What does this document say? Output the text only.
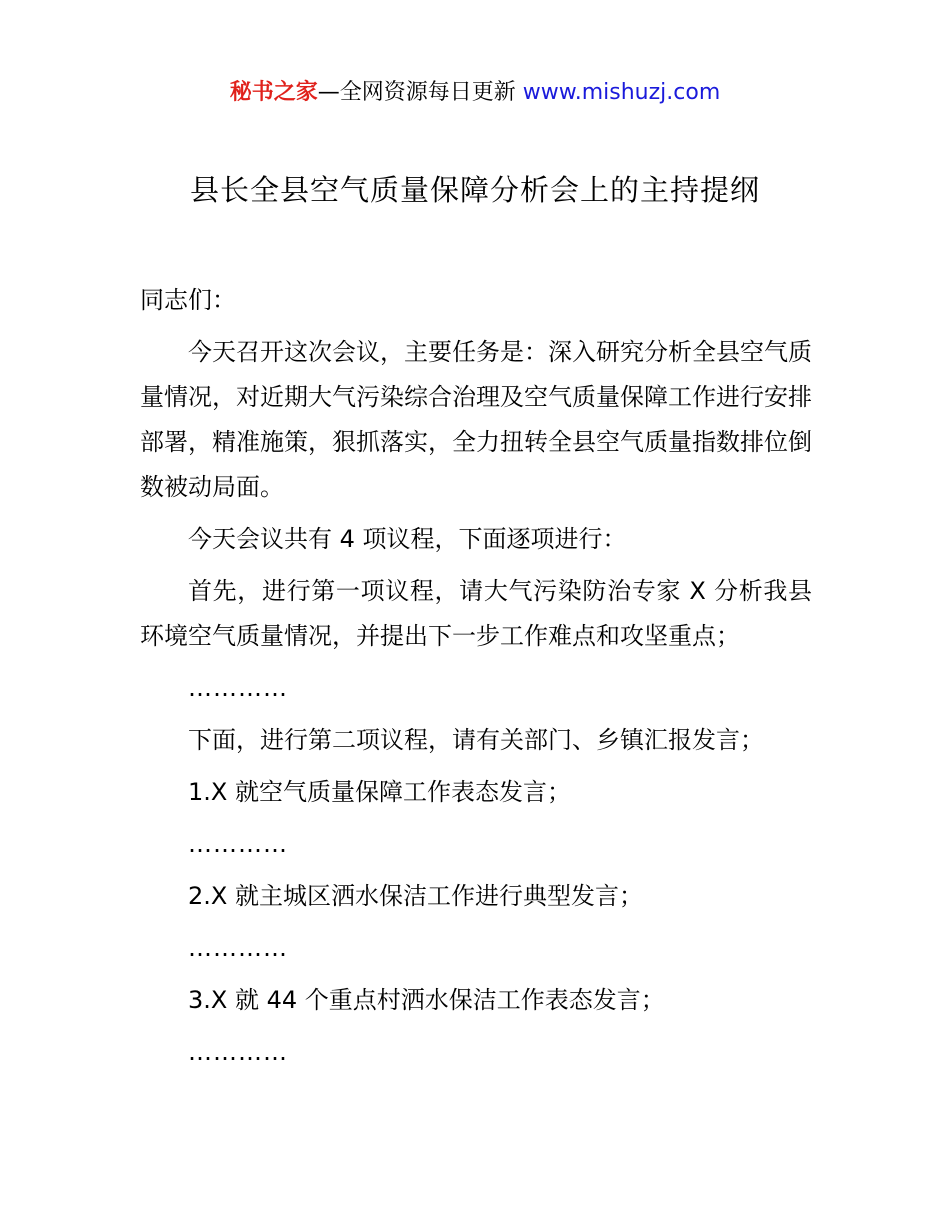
秘书之家—全网资源每日更新 www.mishuzj.com
县长全县空气质量保障分析会上的主持提纲

同志们：

今天召开这次会议，主要任务是：深入研究分析全县空气质量情况，对近期大气污染综合治理及空气质量保障工作进行安排部署，精准施策，狠抓落实，全力扭转全县空气质量指数排位倒数被动局面。

今天会议共有 4 项议程，下面逐项进行：

首先，进行第一项议程，请大气污染防治专家 X 分析我县环境空气质量情况，并提出下一步工作难点和攻坚重点；

…………

下面，进行第二项议程，请有关部门、乡镇汇报发言；

1.X 就空气质量保障工作表态发言；

…………

2.X 就主城区洒水保洁工作进行典型发言；

…………

3.X 就 44 个重点村洒水保洁工作表态发言；

…………
